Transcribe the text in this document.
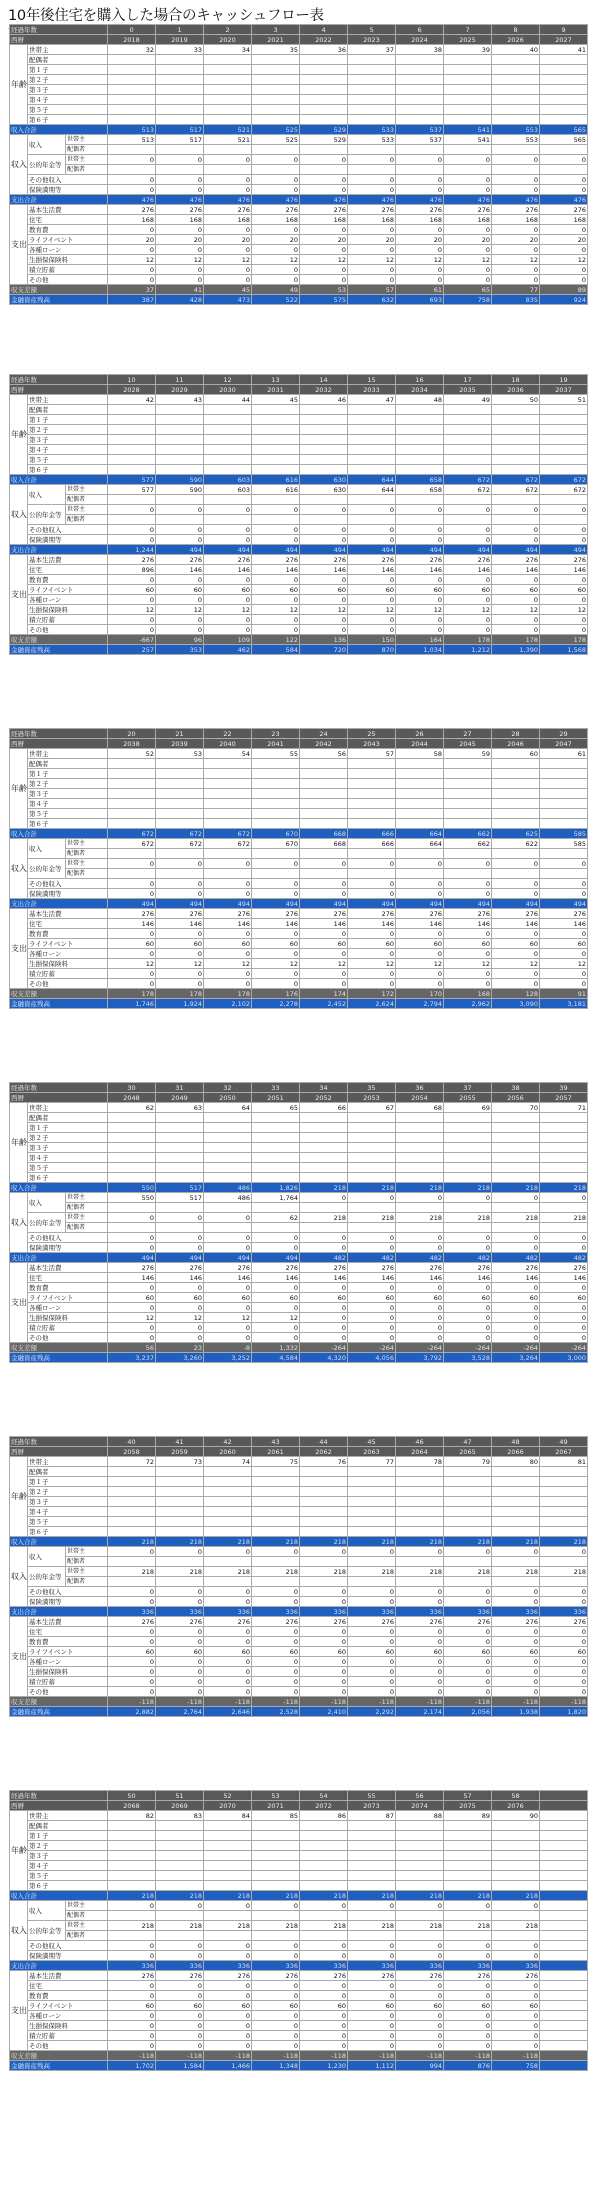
10年後住宅を購入した場合のキャッシュフロー表
経過年数			0	1	2	3	4	5	6	7	8	9
西暦			2018	2019	2020	2021	2022	2023	2024	2025	2026	2027
年齢	世帯主		32	33	34	35	36	37	38	39	40	41
	配偶者											
	第１子											
	第２子											
	第３子											
	第４子											
	第５子											
	第６子											
収入合計			513	517	521	525	529	533	537	541	553	565
収入	収入	世帯主	513	517	521	525	529	533	537	541	553	565
		配偶者										
	公的年金等	世帯主	0	0	0	0	0	0	0	0	0	0
		配偶者										
	その他収入		0	0	0	0	0	0	0	0	0	0
	保険満期等		0	0	0	0	0	0	0	0	0	0
支出合計			476	476	476	476	476	476	476	476	476	476
支出	基本生活費		276	276	276	276	276	276	276	276	276	276
	住宅		168	168	168	168	168	168	168	168	168	168
	教育費		0	0	0	0	0	0	0	0	0	0
	ライフイベント		20	20	20	20	20	20	20	20	20	20
	各種ローン		0	0	0	0	0	0	0	0	0	0
	生損保保険料		12	12	12	12	12	12	12	12	12	12
	積立貯蓄		0	0	0	0	0	0	0	0	0	0
	その他		0	0	0	0	0	0	0	0	0	0
収支差額			37	41	45	49	53	57	61	65	77	89
金融資産残高			387	428	473	522	575	632	693	758	835	924
経過年数			10	11	12	13	14	15	16	17	18	19
西暦			2028	2029	2030	2031	2032	2033	2034	2035	2036	2037
年齢	世帯主		42	43	44	45	46	47	48	49	50	51
	配偶者											
	第１子											
	第２子											
	第３子											
	第４子											
	第５子											
	第６子											
収入合計			577	590	603	616	630	644	658	672	672	672
収入	収入	世帯主	577	590	603	616	630	644	658	672	672	672
		配偶者										
	公的年金等	世帯主	0	0	0	0	0	0	0	0	0	0
		配偶者										
	その他収入		0	0	0	0	0	0	0	0	0	0
	保険満期等		0	0	0	0	0	0	0	0	0	0
支出合計			1,244	494	494	494	494	494	494	494	494	494
支出	基本生活費		276	276	276	276	276	276	276	276	276	276
	住宅		896	146	146	146	146	146	146	146	146	146
	教育費		0	0	0	0	0	0	0	0	0	0
	ライフイベント		60	60	60	60	60	60	60	60	60	60
	各種ローン		0	0	0	0	0	0	0	0	0	0
	生損保保険料		12	12	12	12	12	12	12	12	12	12
	積立貯蓄		0	0	0	0	0	0	0	0	0	0
	その他		0	0	0	0	0	0	0	0	0	0
収支差額			-667	96	109	122	136	150	164	178	178	178
金融資産残高			257	353	462	584	720	870	1,034	1,212	1,390	1,568
経過年数			20	21	22	23	24	25	26	27	28	29
西暦			2038	2039	2040	2041	2042	2043	2044	2045	2046	2047
年齢	世帯主		52	53	54	55	56	57	58	59	60	61
	配偶者											
	第１子											
	第２子											
	第３子											
	第４子											
	第５子											
	第６子											
収入合計			672	672	672	670	668	666	664	662	625	585
収入	収入	世帯主	672	672	672	670	668	666	664	662	622	585
		配偶者										
	公的年金等	世帯主	0	0	0	0	0	0	0	0	0	0
		配偶者										
	その他収入		0	0	0	0	0	0	0	0	0	0
	保険満期等		0	0	0	0	0	0	0	0	0	0
支出合計			494	494	494	494	494	494	494	494	494	494
支出	基本生活費		276	276	276	276	276	276	276	276	276	276
	住宅		146	146	146	146	146	146	146	146	146	146
	教育費		0	0	0	0	0	0	0	0	0	0
	ライフイベント		60	60	60	60	60	60	60	60	60	60
	各種ローン		0	0	0	0	0	0	0	0	0	0
	生損保保険料		12	12	12	12	12	12	12	12	12	12
	積立貯蓄		0	0	0	0	0	0	0	0	0	0
	その他		0	0	0	0	0	0	0	0	0	0
収支差額			178	178	178	176	174	172	170	168	128	91
金融資産残高			1,746	1,924	2,102	2,278	2,452	2,624	2,794	2,962	3,090	3,181
経過年数			30	31	32	33	34	35	36	37	38	39
西暦			2048	2049	2050	2051	2052	2053	2054	2055	2056	2057
年齢	世帯主		62	63	64	65	66	67	68	69	70	71
	配偶者											
	第１子											
	第２子											
	第３子											
	第４子											
	第５子											
	第６子											
収入合計			550	517	486	1,826	218	218	218	218	218	218
収入	収入	世帯主	550	517	486	1,764	0	0	0	0	0	0
		配偶者										
	公的年金等	世帯主	0	0	0	62	218	218	218	218	218	218
		配偶者										
	その他収入		0	0	0	0	0	0	0	0	0	0
	保険満期等		0	0	0	0	0	0	0	0	0	0
支出合計			494	494	494	494	482	482	482	482	482	482
支出	基本生活費		276	276	276	276	276	276	276	276	276	276
	住宅		146	146	146	146	146	146	146	146	146	146
	教育費		0	0	0	0	0	0	0	0	0	0
	ライフイベント		60	60	60	60	60	60	60	60	60	60
	各種ローン		0	0	0	0	0	0	0	0	0	0
	生損保保険料		12	12	12	12	0	0	0	0	0	0
	積立貯蓄		0	0	0	0	0	0	0	0	0	0
	その他		0	0	0	0	0	0	0	0	0	0
収支差額			56	23	-8	1,332	-264	-264	-264	-264	-264	-264
金融資産残高			3,237	3,260	3,252	4,584	4,320	4,056	3,792	3,528	3,264	3,000
経過年数			40	41	42	43	44	45	46	47	48	49
西暦			2058	2059	2060	2061	2062	2063	2064	2065	2066	2067
年齢	世帯主		72	73	74	75	76	77	78	79	80	81
	配偶者											
	第１子											
	第２子											
	第３子											
	第４子											
	第５子											
	第６子											
収入合計			218	218	218	218	218	218	218	218	218	218
収入	収入	世帯主	0	0	0	0	0	0	0	0	0	0
		配偶者										
	公的年金等	世帯主	218	218	218	218	218	218	218	218	218	218
		配偶者										
	その他収入		0	0	0	0	0	0	0	0	0	0
	保険満期等		0	0	0	0	0	0	0	0	0	0
支出合計			336	336	336	336	336	336	336	336	336	336
支出	基本生活費		276	276	276	276	276	276	276	276	276	276
	住宅		0	0	0	0	0	0	0	0	0	0
	教育費		0	0	0	0	0	0	0	0	0	0
	ライフイベント		60	60	60	60	60	60	60	60	60	60
	各種ローン		0	0	0	0	0	0	0	0	0	0
	生損保保険料		0	0	0	0	0	0	0	0	0	0
	積立貯蓄		0	0	0	0	0	0	0	0	0	0
	その他		0	0	0	0	0	0	0	0	0	0
収支差額			-118	-118	-118	-118	-118	-118	-118	-118	-118	-118
金融資産残高			2,882	2,764	2,646	2,528	2,410	2,292	2,174	2,056	1,938	1,820
経過年数			50	51	52	53	54	55	56	57	58	
西暦			2068	2069	2070	2071	2072	2073	2074	2075	2076	
年齢	世帯主		82	83	84	85	86	87	88	89	90	
	配偶者											
	第１子											
	第２子											
	第３子											
	第４子											
	第５子											
	第６子											
収入合計			218	218	218	218	218	218	218	218	218	
収入	収入	世帯主	0	0	0	0	0	0	0	0	0	
		配偶者										
	公的年金等	世帯主	218	218	218	218	218	218	218	218	218	
		配偶者										
	その他収入		0	0	0	0	0	0	0	0	0	
	保険満期等		0	0	0	0	0	0	0	0	0	
支出合計			336	336	336	336	336	336	336	336	336	
支出	基本生活費		276	276	276	276	276	276	276	276	276	
	住宅		0	0	0	0	0	0	0	0	0	
	教育費		0	0	0	0	0	0	0	0	0	
	ライフイベント		60	60	60	60	60	60	60	60	60	
	各種ローン		0	0	0	0	0	0	0	0	0	
	生損保保険料		0	0	0	0	0	0	0	0	0	
	積立貯蓄		0	0	0	0	0	0	0	0	0	
	その他		0	0	0	0	0	0	0	0	0	
収支差額			-118	-118	-118	-118	-118	-118	-118	-118	-118	
金融資産残高			1,702	1,584	1,466	1,348	1,230	1,112	994	876	758	
